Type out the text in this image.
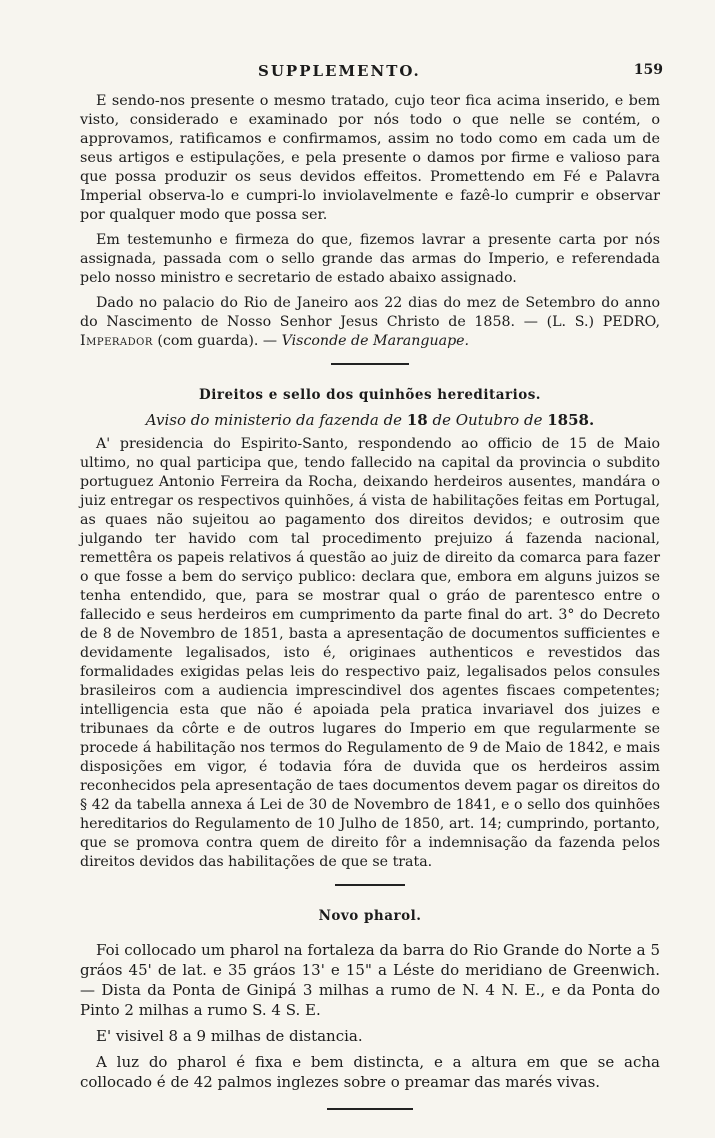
SUPPLEMENTO.	159

E sendo-nos presente o mesmo tratado, cujo teor fica acima inserido, e bem visto, considerado e examinado por nós todo o que nelle se contém, o approvamos, ratificamos e confirmamos, assim no todo como em cada um de seus artigos e estipulações, e pela presente o damos por firme e valioso para que possa produzir os seus devidos effeitos. Promettendo em Fé e Palavra Imperial observa-lo e cumpri-lo inviolavelmente e fazê-lo cumprir e observar por qualquer modo que possa ser.

Em testemunho e firmeza do que, fizemos lavrar a presente carta por nós assignada, passada com o sello grande das armas do Imperio, e referendada pelo nosso ministro e secretario de estado abaixo assignado.

Dado no palacio do Rio de Janeiro aos 22 dias do mez de Setembro do anno do Nascimento de Nosso Senhor Jesus Christo de 1858. — (L. S.) PEDRO, Imperador (com guarda). — Visconde de Maranguape.

Direitos e sello dos quinhões hereditarios.
Aviso do ministerio da fazenda de 18 de Outubro de 1858.

A' presidencia do Espirito-Santo, respondendo ao officio de 15 de Maio ultimo, no qual participa que, tendo fallecido na capital da provincia o subdito portuguez Antonio Ferreira da Rocha, deixando herdeiros ausentes, mandára o juiz entregar os respectivos quinhões, á vista de habilitações feitas em Portugal, as quaes não sujeitou ao pagamento dos direitos devidos; e outrosim que julgando ter havido com tal procedimento prejuizo á fazenda nacional, remettêra os papeis relativos á questão ao juiz de direito da comarca para fazer o que fosse a bem do serviço publico: declara que, embora em alguns juizos se tenha entendido, que, para se mostrar qual o gráo de parentesco entre o fallecido e seus herdeiros em cumprimento da parte final do art. 3° do Decreto de 8 de Novembro de 1851, basta a apresentação de documentos sufficientes e devidamente legalisados, isto é, originaes authenticos e revestidos das formalidades exigidas pelas leis do respectivo paiz, legalisados pelos consules brasileiros com a audiencia imprescindivel dos agentes fiscaes competentes; intelligencia esta que não é apoiada pela pratica invariavel dos juizes e tribunaes da côrte e de outros lugares do Imperio em que regularmente se procede á habilitação nos termos do Regulamento de 9 de Maio de 1842, e mais disposições em vigor, é todavia fóra de duvida que os herdeiros assim reconhecidos pela apresentação de taes documentos devem pagar os direitos do § 42 da tabella annexa á Lei de 30 de Novembro de 1841, e o sello dos quinhões hereditarios do Regulamento de 10 Julho de 1850, art. 14; cumprindo, portanto, que se promova contra quem de direito fôr a indemnisação da fazenda pelos direitos devidos das habilitações de que se trata.

Novo pharol.

Foi collocado um pharol na fortaleza da barra do Rio Grande do Norte a 5 gráos 45' de lat. e 35 gráos 13' e 15" a Léste do meridiano de Greenwich. — Dista da Ponta de Ginipá 3 milhas a rumo de N. 4 N. E., e da Ponta do Pinto 2 milhas a rumo S. 4 S. E.

E' visivel 8 a 9 milhas de distancia.

A luz do pharol é fixa e bem distincta, e a altura em que se acha collocado é de 42 palmos inglezes sobre o preamar das marés vivas.
